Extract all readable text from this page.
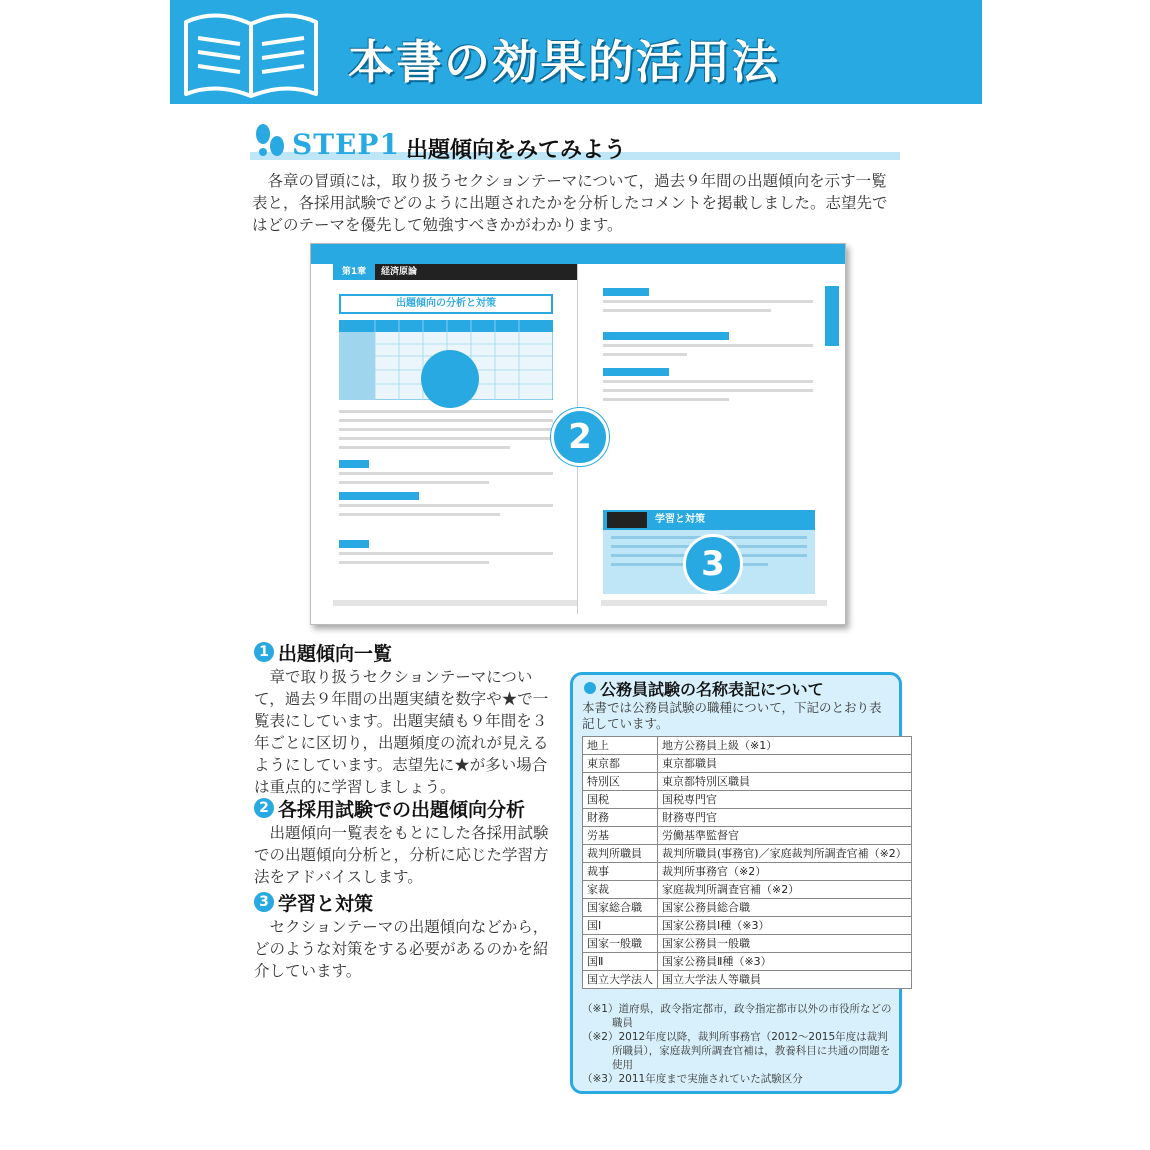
本書の効果的活用法
STEP1 出題傾向をみてみよう
各章の冒頭には，取り扱うセクションテーマについて，過去９年間の出題傾向を示す一覧表と，各採用試験でどのように出題されたかを分析したコメントを掲載しました。志望先ではどのテーマを優先して勉強すべきかがわかります。
第1章	経済原論
出題傾向の分析と対策
2
学習と対策
3
1 出題傾向一覧
章で取り扱うセクションテーマについて，過去９年間の出題実績を数字や★で一覧表にしています。出題実績も９年間を３年ごとに区切り，出題頻度の流れが見えるようにしています。志望先に★が多い場合は重点的に学習しましょう。
2 各採用試験での出題傾向分析
出題傾向一覧表をもとにした各採用試験での出題傾向分析と，分析に応じた学習方法をアドバイスします。
3 学習と対策
セクションテーマの出題傾向などから，どのような対策をする必要があるのかを紹介しています。
公務員試験の名称表記について
本書では公務員試験の職種について，下記のとおり表記しています。
地上	地方公務員上級（※1）
東京都	東京都職員
特別区	東京都特別区職員
国税	国税専門官
財務	財務専門官
労基	労働基準監督官
裁判所職員	裁判所職員(事務官)／家庭裁判所調査官補（※2）
裁事	裁判所事務官（※2）
家裁	家庭裁判所調査官補（※2）
国家総合職	国家公務員総合職
国Ⅰ	国家公務員Ⅰ種（※3）
国家一般職	国家公務員一般職
国Ⅱ	国家公務員Ⅱ種（※3）
国立大学法人	国立大学法人等職員
（※1）道府県，政令指定都市，政令指定都市以外の市役所などの職員
（※2）2012年度以降，裁判所事務官（2012～2015年度は裁判所職員），家庭裁判所調査官補は，教養科目に共通の問題を使用
（※3）2011年度まで実施されていた試験区分
